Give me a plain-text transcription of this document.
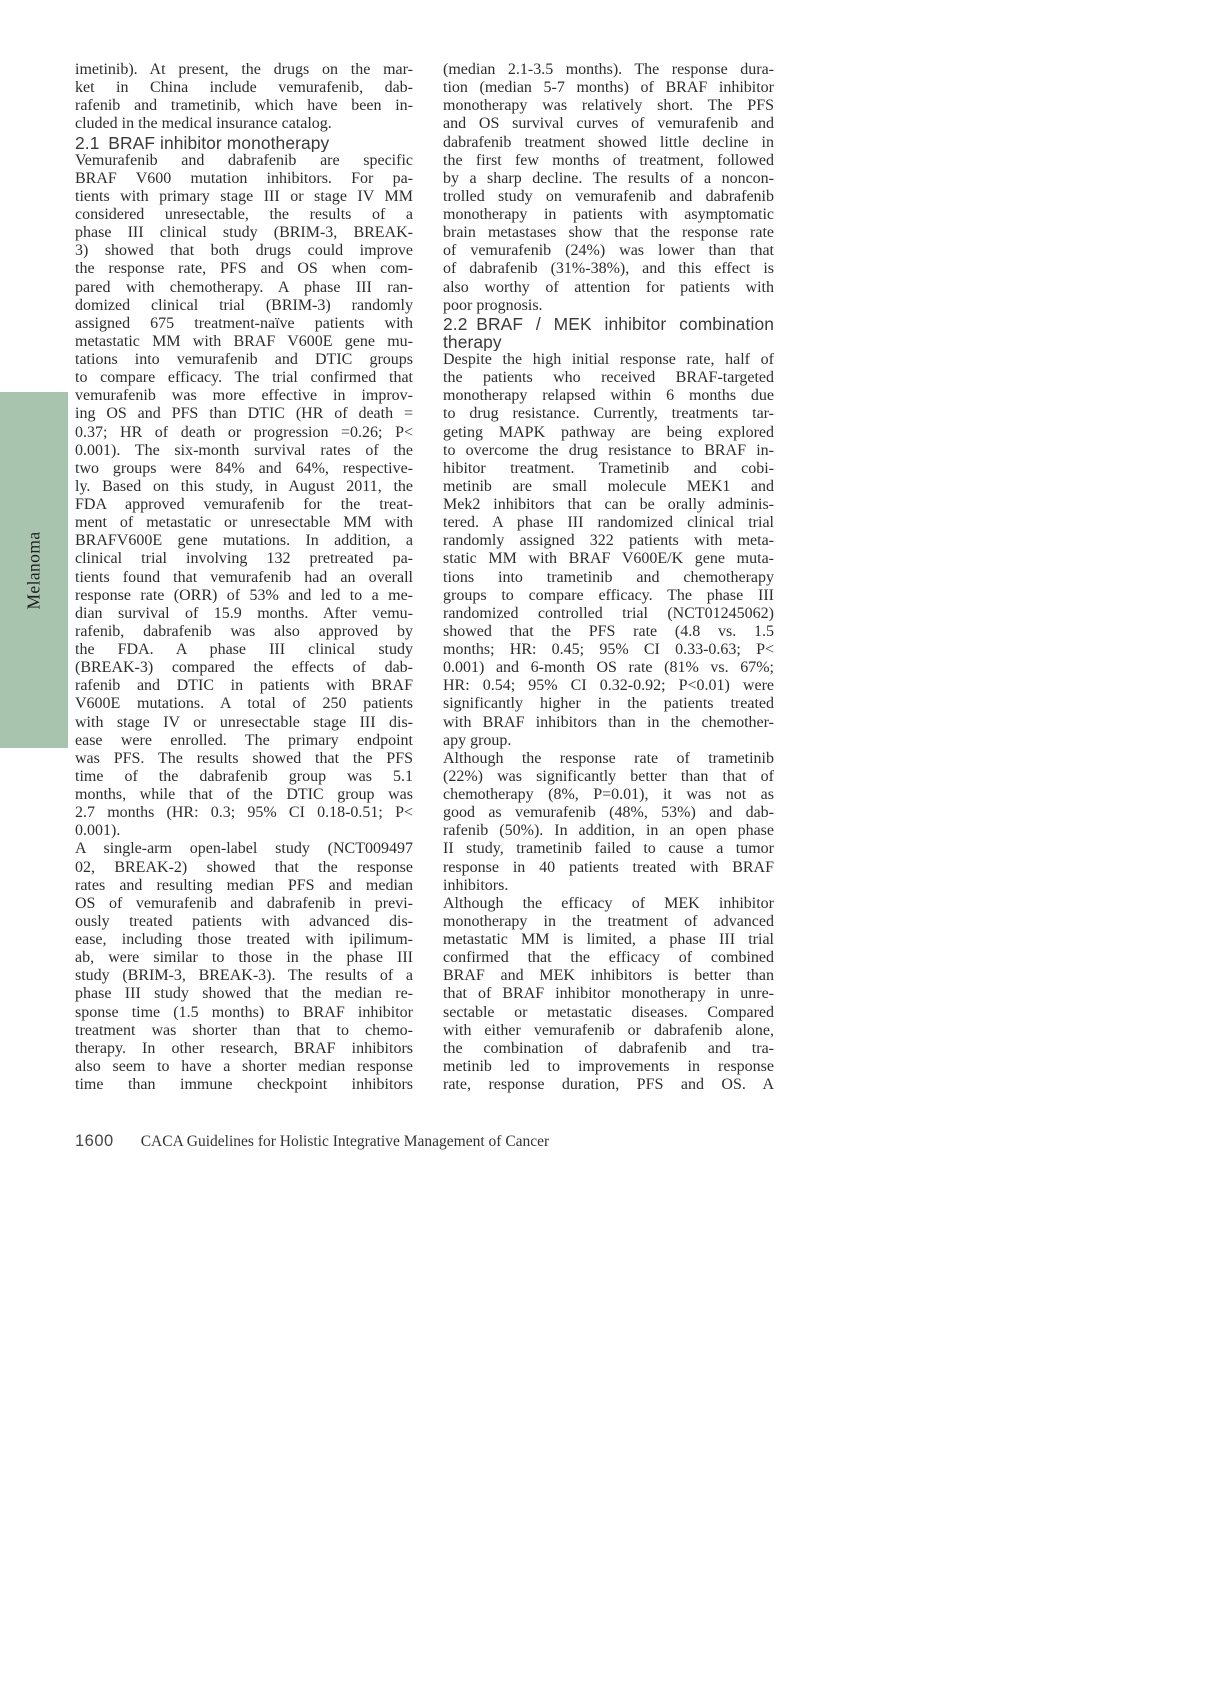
Melanoma
imetinib). At present, the drugs on the mar-
ket in China include vemurafenib, dab-
rafenib and trametinib, which have been in-
cluded in the medical insurance catalog.
2.1 BRAF inhibitor monotherapy
Vemurafenib and dabrafenib are specific
BRAF V600 mutation inhibitors. For pa-
tients with primary stage III or stage IV MM
considered unresectable, the results of a
phase III clinical study (BRIM-3, BREAK-
3) showed that both drugs could improve
the response rate, PFS and OS when com-
pared with chemotherapy. A phase III ran-
domized clinical trial (BRIM-3) randomly
assigned 675 treatment-naïve patients with
metastatic MM with BRAF V600E gene mu-
tations into vemurafenib and DTIC groups
to compare efficacy. The trial confirmed that
vemurafenib was more effective in improv-
ing OS and PFS than DTIC (HR of death =
0.37; HR of death or progression =0.26; P<
0.001). The six-month survival rates of the
two groups were 84% and 64%, respective-
ly. Based on this study, in August 2011, the
FDA approved vemurafenib for the treat-
ment of metastatic or unresectable MM with
BRAFV600E gene mutations. In addition, a
clinical trial involving 132 pretreated pa-
tients found that vemurafenib had an overall
response rate (ORR) of 53% and led to a me-
dian survival of 15.9 months. After vemu-
rafenib, dabrafenib was also approved by
the FDA. A phase III clinical study
(BREAK-3) compared the effects of dab-
rafenib and DTIC in patients with BRAF
V600E mutations. A total of 250 patients
with stage IV or unresectable stage III dis-
ease were enrolled. The primary endpoint
was PFS. The results showed that the PFS
time of the dabrafenib group was 5.1
months, while that of the DTIC group was
2.7 months (HR: 0.3; 95% CI 0.18-0.51; P<
0.001).
A single-arm open-label study (NCT009497
02, BREAK-2) showed that the response
rates and resulting median PFS and median
OS of vemurafenib and dabrafenib in previ-
ously treated patients with advanced dis-
ease, including those treated with ipilimum-
ab, were similar to those in the phase III
study (BRIM-3, BREAK-3). The results of a
phase III study showed that the median re-
sponse time (1.5 months) to BRAF inhibitor
treatment was shorter than that to chemo-
therapy. In other research, BRAF inhibitors
also seem to have a shorter median response
time than immune checkpoint inhibitors
(median 2.1-3.5 months). The response dura-
tion (median 5-7 months) of BRAF inhibitor
monotherapy was relatively short. The PFS
and OS survival curves of vemurafenib and
dabrafenib treatment showed little decline in
the first few months of treatment, followed
by a sharp decline. The results of a noncon-
trolled study on vemurafenib and dabrafenib
monotherapy in patients with asymptomatic
brain metastases show that the response rate
of vemurafenib (24%) was lower than that
of dabrafenib (31%-38%), and this effect is
also worthy of attention for patients with
poor prognosis.
2.2 BRAF / MEK inhibitor combination
therapy
Despite the high initial response rate, half of
the patients who received BRAF-targeted
monotherapy relapsed within 6 months due
to drug resistance. Currently, treatments tar-
geting MAPK pathway are being explored
to overcome the drug resistance to BRAF in-
hibitor treatment. Trametinib and cobi-
metinib are small molecule MEK1 and
Mek2 inhibitors that can be orally adminis-
tered. A phase III randomized clinical trial
randomly assigned 322 patients with meta-
static MM with BRAF V600E/K gene muta-
tions into trametinib and chemotherapy
groups to compare efficacy. The phase III
randomized controlled trial (NCT01245062)
showed that the PFS rate (4.8 vs. 1.5
months; HR: 0.45; 95% CI 0.33-0.63; P<
0.001) and 6-month OS rate (81% vs. 67%;
HR: 0.54; 95% CI 0.32-0.92; P<0.01) were
significantly higher in the patients treated
with BRAF inhibitors than in the chemother-
apy group.
Although the response rate of trametinib
(22%) was significantly better than that of
chemotherapy (8%, P=0.01), it was not as
good as vemurafenib (48%, 53%) and dab-
rafenib (50%). In addition, in an open phase
II study, trametinib failed to cause a tumor
response in 40 patients treated with BRAF
inhibitors.
Although the efficacy of MEK inhibitor
monotherapy in the treatment of advanced
metastatic MM is limited, a phase III trial
confirmed that the efficacy of combined
BRAF and MEK inhibitors is better than
that of BRAF inhibitor monotherapy in unre-
sectable or metastatic diseases. Compared
with either vemurafenib or dabrafenib alone,
the combination of dabrafenib and tra-
metinib led to improvements in response
rate, response duration, PFS and OS. A
1600 CACA Guidelines for Holistic Integrative Management of Cancer
